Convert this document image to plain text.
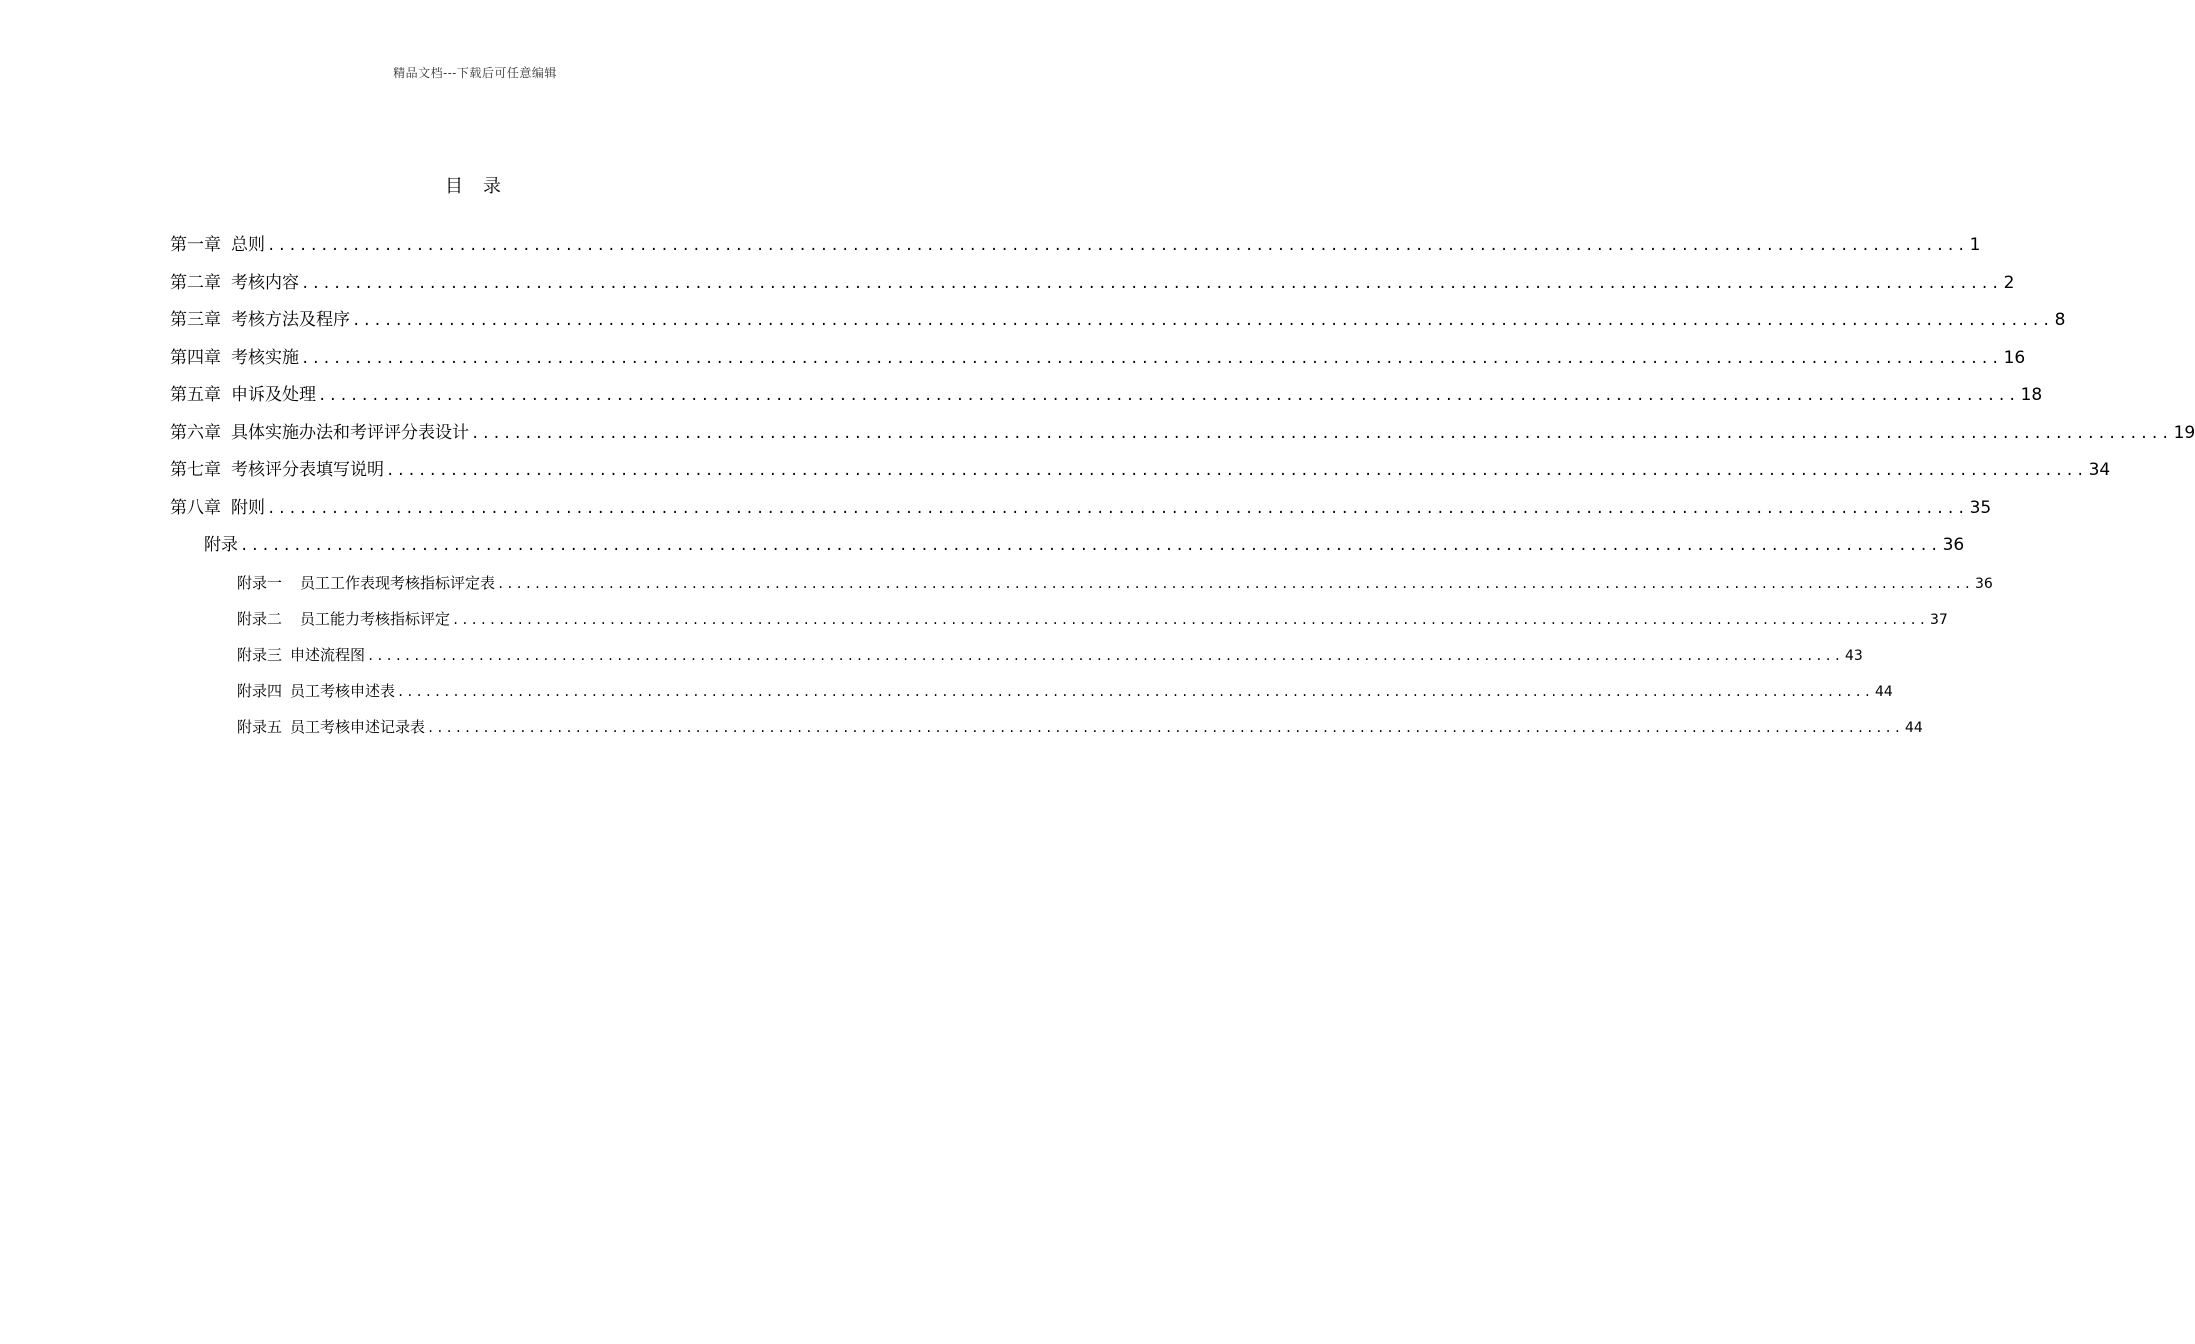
精品文档---下载后可任意编辑
目 录
第一章 总则 ................................................................................................................................................................ 1
第二章 考核内容 ................................................................................................................................................................ 2
第三章 考核方法及程序 ................................................................................................................................................................ 8
第四章 考核实施 ................................................................................................................................................................ 16
第五章 申诉及处理 ................................................................................................................................................................ 18
第六章 具体实施办法和考评评分表设计 ................................................................................................................................................................ 19
第七章 考核评分表填写说明 ................................................................................................................................................................ 34
第八章 附则 ................................................................................................................................................................ 35
附录 ................................................................................................................................................................ 36
附录一 员工工作表现考核指标评定表 ................................................................................................................................................................ 36
附录二 员工能力考核指标评定 ................................................................................................................................................................ 37
附录三 申述流程图 ................................................................................................................................................................ 43
附录四 员工考核申述表 ................................................................................................................................................................ 44
附录五 员工考核申述记录表 ................................................................................................................................................................ 44
